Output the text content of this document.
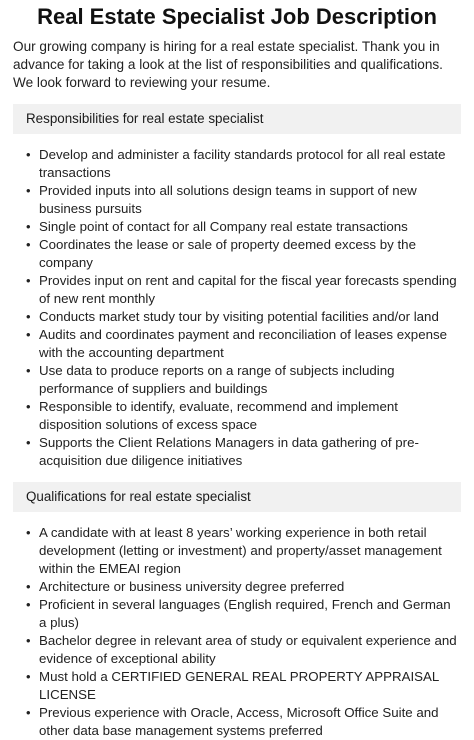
Real Estate Specialist Job Description

Our growing company is hiring for a real estate specialist. Thank you in advance for taking a look at the list of responsibilities and qualifications. We look forward to reviewing your resume.

Responsibilities for real estate specialist
• Develop and administer a facility standards protocol for all real estate transactions
• Provided inputs into all solutions design teams in support of new business pursuits
• Single point of contact for all Company real estate transactions
• Coordinates the lease or sale of property deemed excess by the company
• Provides input on rent and capital for the fiscal year forecasts spending of new rent monthly
• Conducts market study tour by visiting potential facilities and/or land
• Audits and coordinates payment and reconciliation of leases expense with the accounting department
• Use data to produce reports on a range of subjects including performance of suppliers and buildings
• Responsible to identify, evaluate, recommend and implement disposition solutions of excess space
• Supports the Client Relations Managers in data gathering of pre-acquisition due diligence initiatives
Qualifications for real estate specialist
• A candidate with at least 8 years’ working experience in both retail development (letting or investment) and property/asset management within the EMEAI region
• Architecture or business university degree preferred
• Proficient in several languages (English required, French and German a plus)
• Bachelor degree in relevant area of study or equivalent experience and evidence of exceptional ability
• Must hold a CERTIFIED GENERAL REAL PROPERTY APPRAISAL LICENSE
• Previous experience with Oracle, Access, Microsoft Office Suite and other data base management systems preferred
